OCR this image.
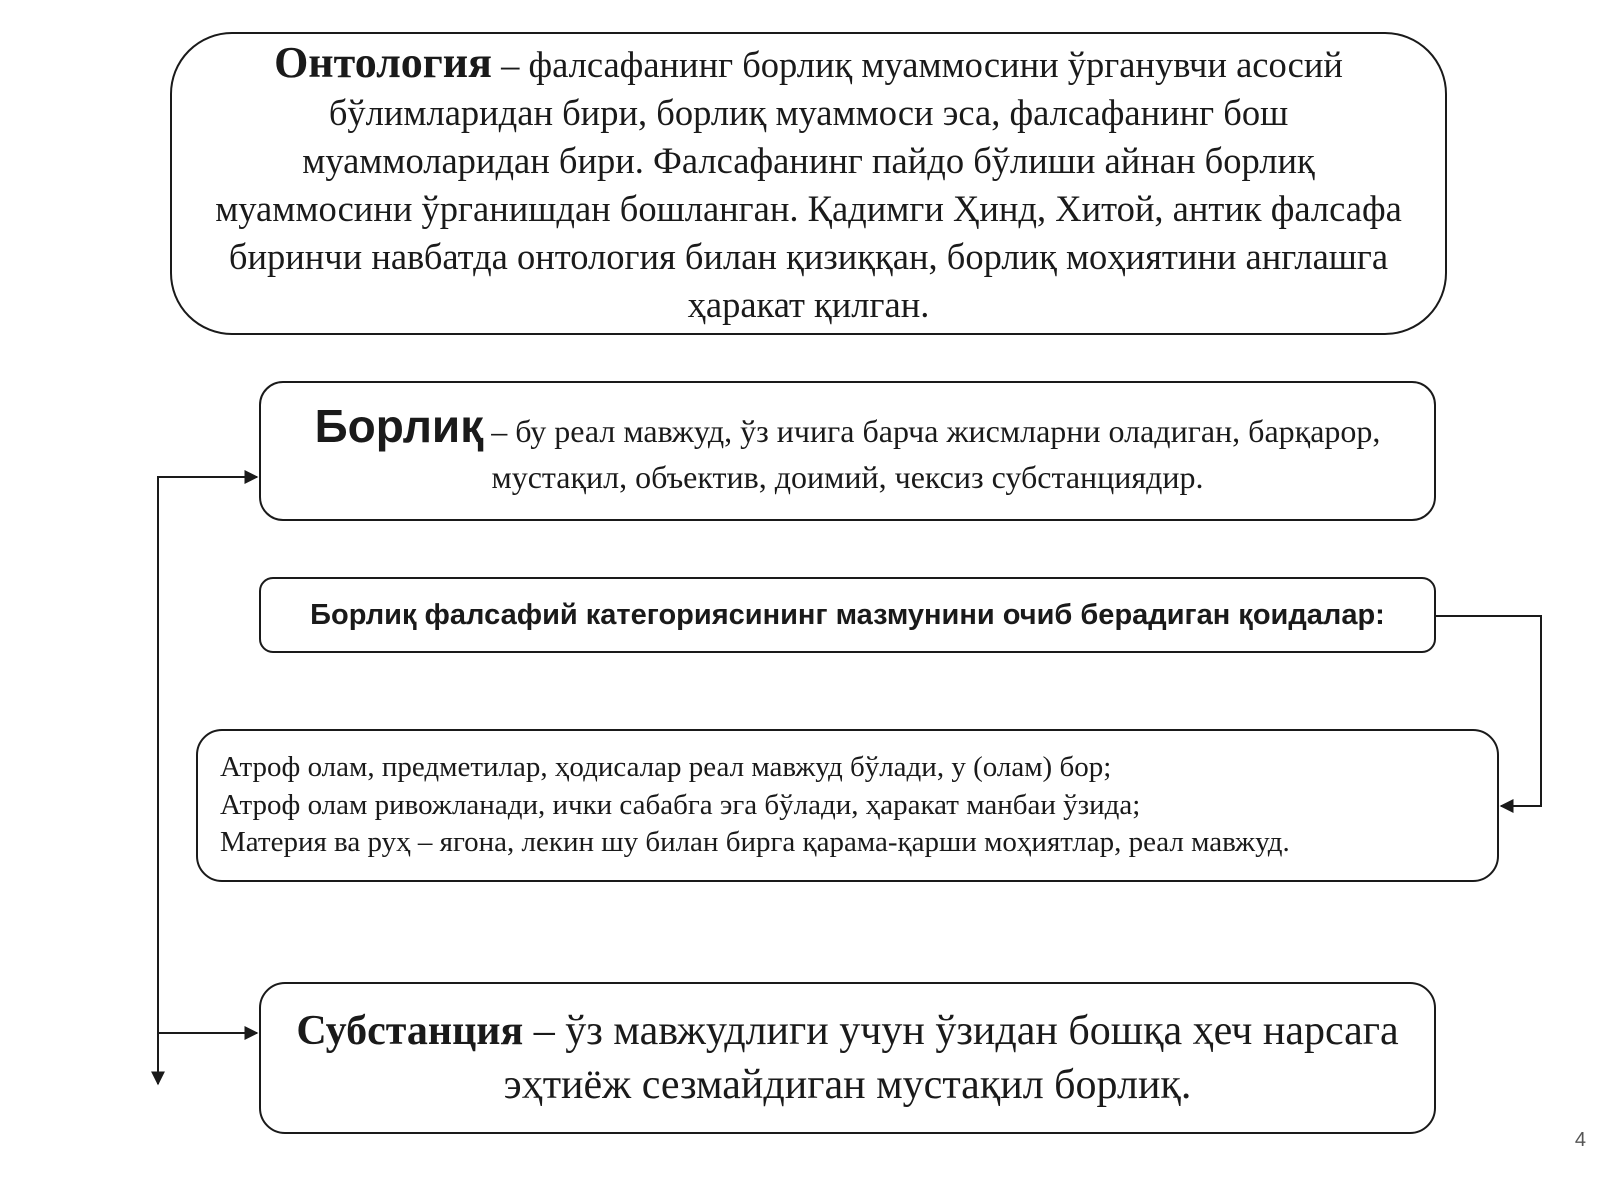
Онтология – фалсафанинг борлиқ муаммосини ўрганувчи асосий бўлимларидан бири, борлиқ муаммоси эса, фалсафанинг бош муаммоларидан бири. Фалсафанинг пайдо бўлиши айнан борлиқ муаммосини ўрганишдан бошланган. Қадимги Ҳинд, Хитой, антик фалсафа биринчи навбатда онтология билан қизиққан, борлиқ моҳиятини англашга ҳаракат қилган.
Борлиқ – бу реал мавжуд, ўз ичига барча жисмларни оладиган, барқарор, мустақил, объектив, доимий, чексиз субстанциядир.
Борлиқ фалсафий категориясининг мазмунини очиб берадиган қоидалар:
Атроф олам, предметилар, ҳодисалар реал мавжуд бўлади, у (олам) бор;
Атроф олам ривожланади, ички сабабга эга бўлади, ҳаракат манбаи ўзида;
Материя ва руҳ – ягона, лекин шу билан бирга қарама-қарши моҳиятлар, реал мавжуд.
Субстанция – ўз мавжудлиги учун ўзидан бошқа ҳеч нарсага
эҳтиёж сезмайдиган мустақил борлиқ.
4
